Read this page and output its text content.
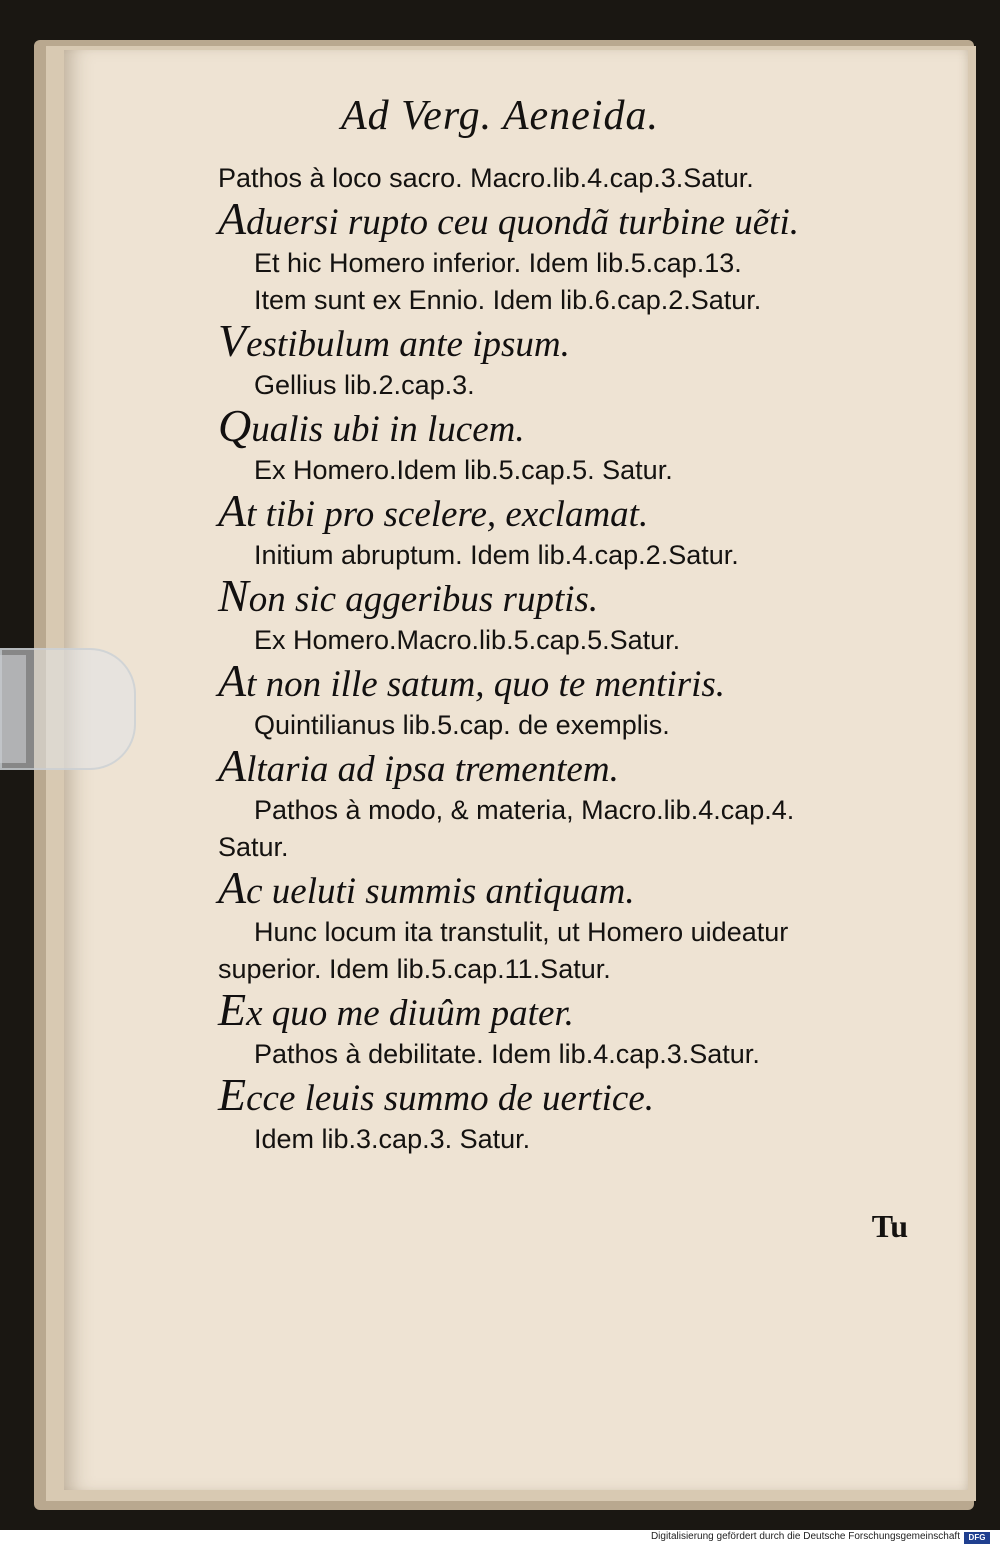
Ad Verg. Aeneida.

Pathos à loco sacro. Macro.lib.4.cap.3.Satur.

Aduersi rupto ceu quondã turbine uẽti.

Et hic Homero inferior. Idem lib.5.cap.13.

Item sunt ex Ennio. Idem lib.6.cap.2.Satur.

Vestibulum ante ipsum.

Gellius lib.2.cap.3.

Qualis ubi in lucem.

Ex Homero.Idem lib.5.cap.5. Satur.

At tibi pro scelere, exclamat.

Initium abruptum. Idem lib.4.cap.2.Satur.

Non sic aggeribus ruptis.

Ex Homero.Macro.lib.5.cap.5.Satur.

At non ille satum, quo te mentiris.

Quintilianus lib.5.cap. de exemplis.

Altaria ad ipsa trementem.

Pathos à modo, & materia, Macro.lib.4.cap.4.

Satur.

Ac ueluti summis antiquam.

Hunc locum ita transtulit, ut Homero uideatur

superior. Idem lib.5.cap.11.Satur.

Ex quo me diuûm pater.

Pathos à debilitate. Idem lib.4.cap.3.Satur.

Ecce leuis summo de uertice.

Idem lib.3.cap.3. Satur.

Tu
Digitalisierung gefördert durch die Deutsche Forschungsgemeinschaft	DFG
